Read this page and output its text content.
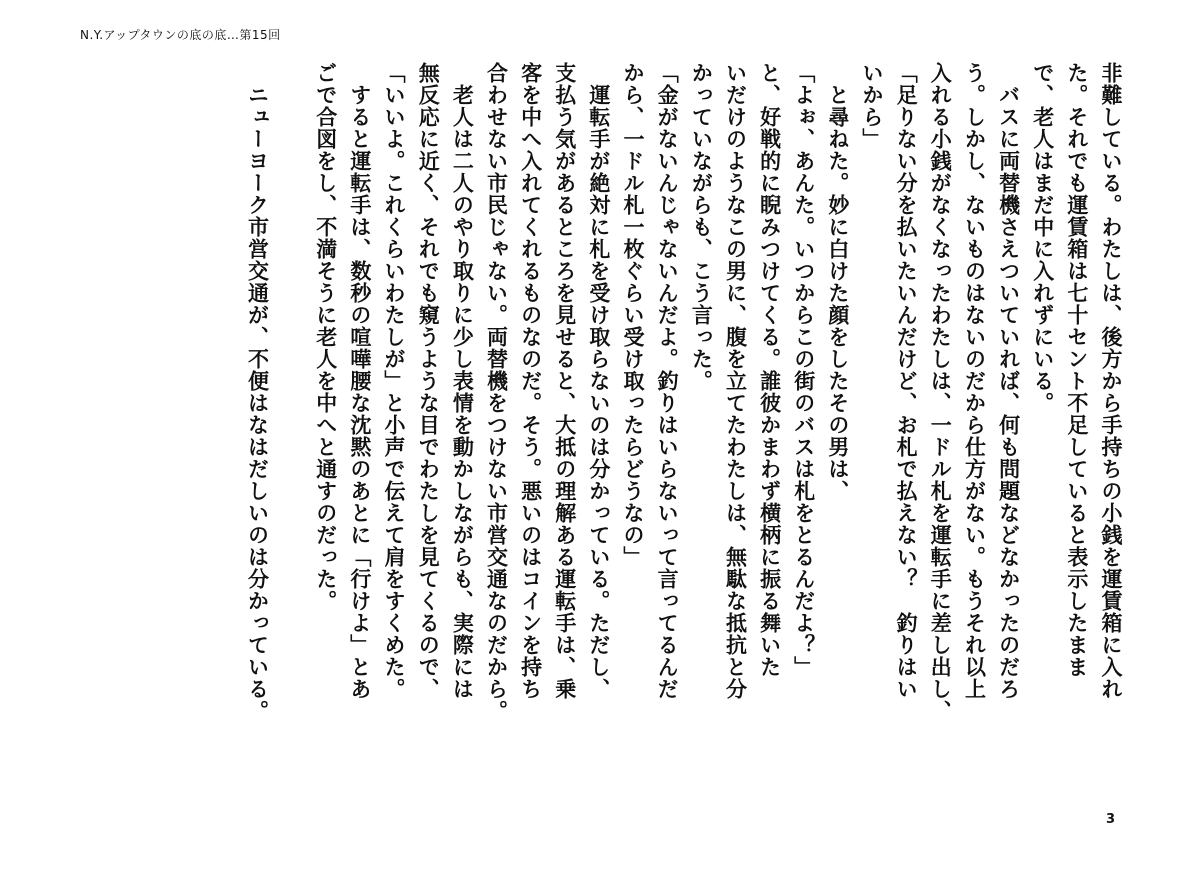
N.Y.アップタウンの底の底…第15回
非難している。わたしは、後方から手持ちの小銭を運賃箱に入れ
た。それでも運賃箱は七十セント不足していると表示したまま
で、老人はまだ中に入れずにいる。
　バスに両替機さえついていれば、何も問題などなかったのだろ
う。しかし、ないものはないのだから仕方がない。もうそれ以上
入れる小銭がなくなったわたしは、一ドル札を運転手に差し出し、
「足りない分を払いたいんだけど、お札で払えない？　釣りはい
いから」
　と尋ねた。妙に白けた顔をしたその男は、
「よぉ、あんた。いつからこの街のバスは札をとるんだよ？」
と、好戦的に睨みつけてくる。誰彼かまわず横柄に振る舞いた
いだけのようなこの男に、腹を立てたわたしは、無駄な抵抗と分
かっていながらも、こう言った。
「金がないんじゃないんだよ。釣りはいらないって言ってるんだ
から、一ドル札一枚ぐらい受け取ったらどうなの」
　運転手が絶対に札を受け取らないのは分かっている。ただし、
支払う気があるところを見せると、大抵の理解ある運転手は、乗
客を中へ入れてくれるものなのだ。そう。悪いのはコインを持ち
合わせない市民じゃない。両替機をつけない市営交通なのだから。
　老人は二人のやり取りに少し表情を動かしながらも、実際には
無反応に近く、それでも窺うような目でわたしを見てくるので、
「いいよ。これくらいわたしが」と小声で伝えて肩をすくめた。
　すると運転手は、数秒の喧嘩腰な沈黙のあとに「行けよ」とあ
ごで合図をし、不満そうに老人を中へと通すのだった。
　ニューヨーク市営交通が、不便はなはだしいのは分かっている。
3
